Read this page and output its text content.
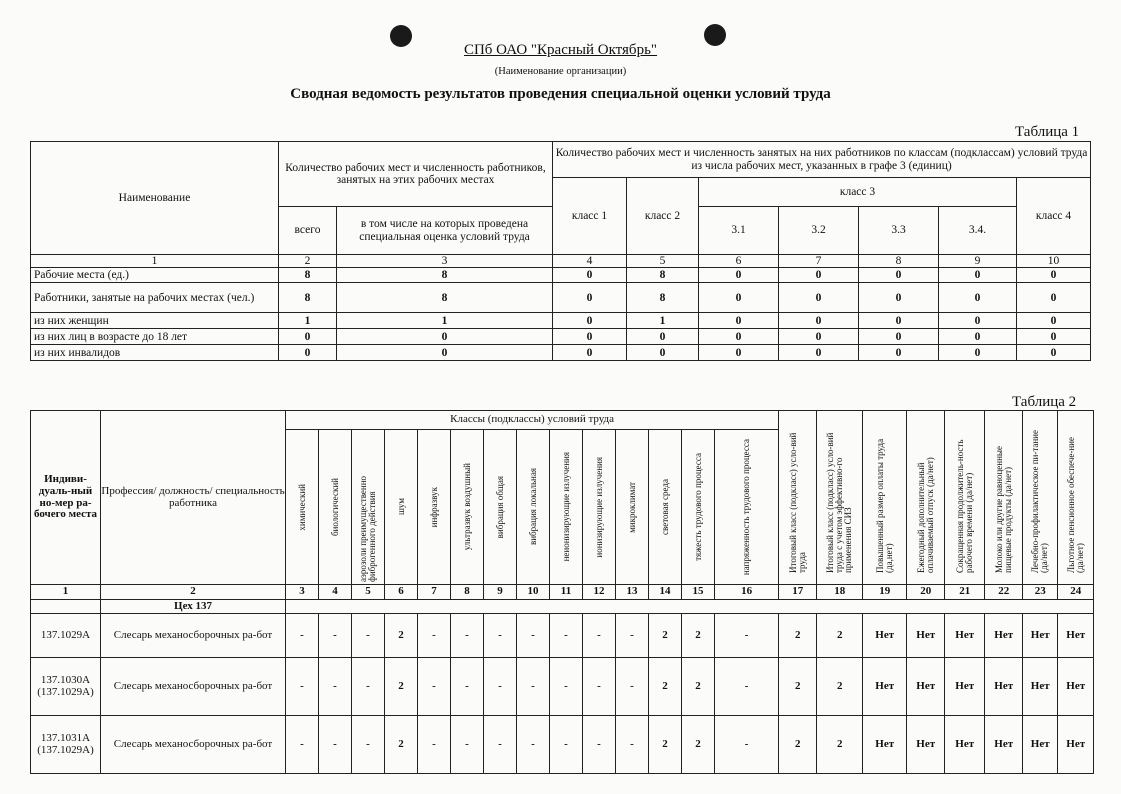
СПб ОАО "Красный Октябрь"
(Наименование организации)
Сводная ведомость результатов проведения специальной оценки условий труда
Таблица 1
Наименование	Количество рабочих мест и численность работников, занятых на этих рабочих местах		Количество рабочих мест и численность занятых на них работников по классам (подклассам) условий труда из числа рабочих мест, указанных в графе 3 (единиц)						
			класс 1	класс 2	класс 3				класс 4
	всего	в том числе на которых проведена специальная оценка условий труда			3.1	3.2	3.3	3.4.	
1	2	3	4	5	6	7	8	9	10
Рабочие места (ед.)	8	8	0	8	0	0	0	0	0
Работники, занятые на рабочих местах (чел.)	8	8	0	8	0	0	0	0	0
из них женщин	1	1	0	1	0	0	0	0	0
из них лиц в возрасте до 18 лет	0	0	0	0	0	0	0	0	0
из них инвалидов	0	0	0	0	0	0	0	0	0
Таблица 2
Индиви-дуаль-ный но-мер ра-бочего места	Профессия/ должность/ специальность работника	Классы (подклассы) условий труда														Итоговый класс (подкласс) усло-вий труда	Итоговый класс (подкласс) усло-вий труда с учетом эффективно-го применения СИЗ	Повышенный размер оплаты труда (да,нет)	Ежегодный дополнительный оплачиваемый отпуск (да/нет)	Сокращенная продолжитель-ность рабочего времени (да/нет)	Молоко или другие равноценные пищевые продукты (да/нет)	Лечебно-профилактическое пи-тание (да/нет)	Льготное пенсионное обеспече-ние (да/нет)

		химический	биологический	аэрозоли преимущественно фиброгенного действия	шум	инфразвук	ультразвук воздушный	вибрация общая	вибрация локальная	неионизирующие излучения	ионизирующие излучения	микроклимат	световая среда	тяжесть трудового процесса	напряженность трудового процесса								

1	2	3	4	5	6	7	8	9	10	11	12	13	14	15	16	17	18	19	20	21	22	23	24
	Цех 137																						
137.1029А	Слесарь механосборочных ра-бот	-	-	-	2	-	-	-	-	-	-	-	2	2	-	2	2	Нет	Нет	Нет	Нет	Нет	Нет
137.1030А (137.1029А)	Слесарь механосборочных ра-бот	-	-	-	2	-	-	-	-	-	-	-	2	2	-	2	2	Нет	Нет	Нет	Нет	Нет	Нет
137.1031А (137.1029А)	Слесарь механосборочных ра-бот	-	-	-	2	-	-	-	-	-	-	-	2	2	-	2	2	Нет	Нет	Нет	Нет	Нет	Нет
